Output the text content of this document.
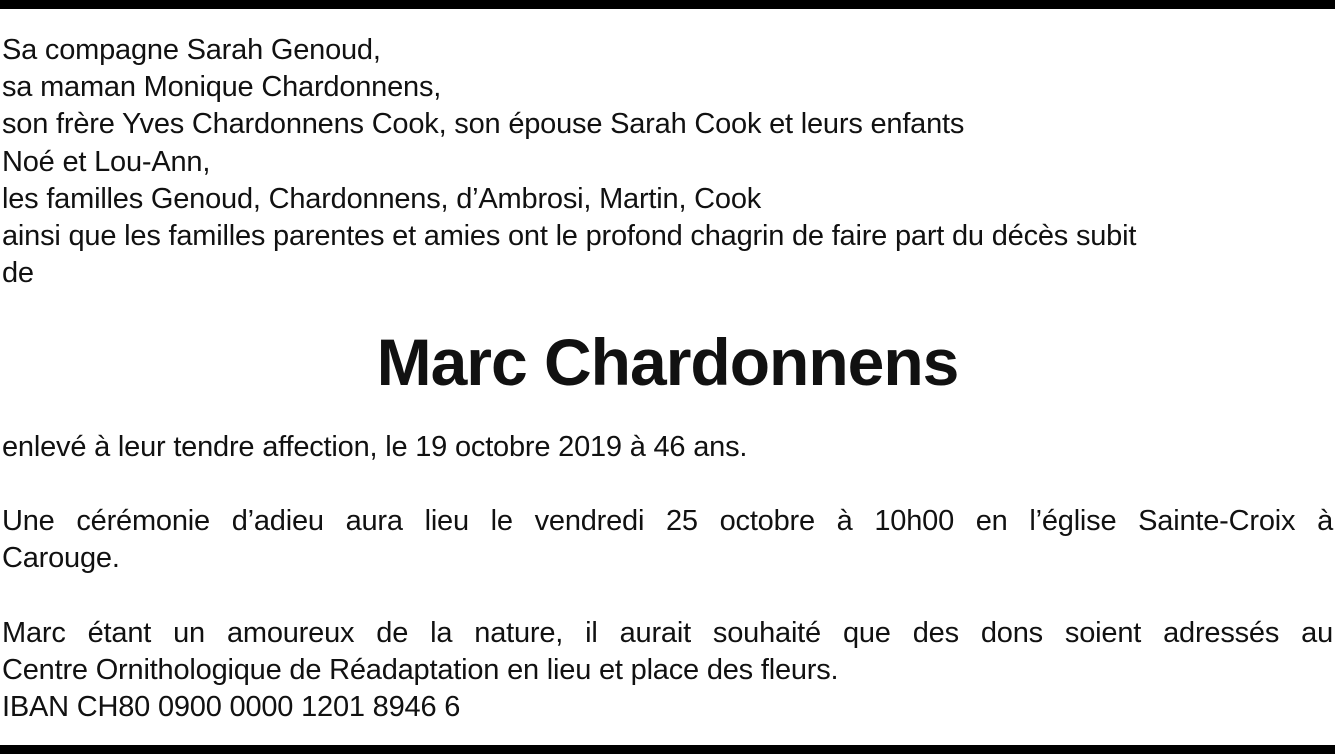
Sa compagne Sarah Genoud,
sa maman Monique Chardonnens,
son frère Yves Chardonnens Cook, son épouse Sarah Cook et leurs enfants
Noé et Lou-Ann,
les familles Genoud, Chardonnens, d’Ambrosi, Martin, Cook
ainsi que les familles parentes et amies ont le profond chagrin de faire part du décès subit
de
Marc Chardonnens

enlevé à leur tendre affection, le 19 octobre 2019 à 46 ans.

Une cérémonie d’adieu aura lieu le vendredi 25 octobre à 10h00 en l’église Sainte-Croix à
Carouge.

Marc étant un amoureux de la nature, il aurait souhaité que des dons soient adressés au
Centre Ornithologique de Réadaptation en lieu et place des fleurs.
IBAN CH80 0900 0000 1201 8946 6
